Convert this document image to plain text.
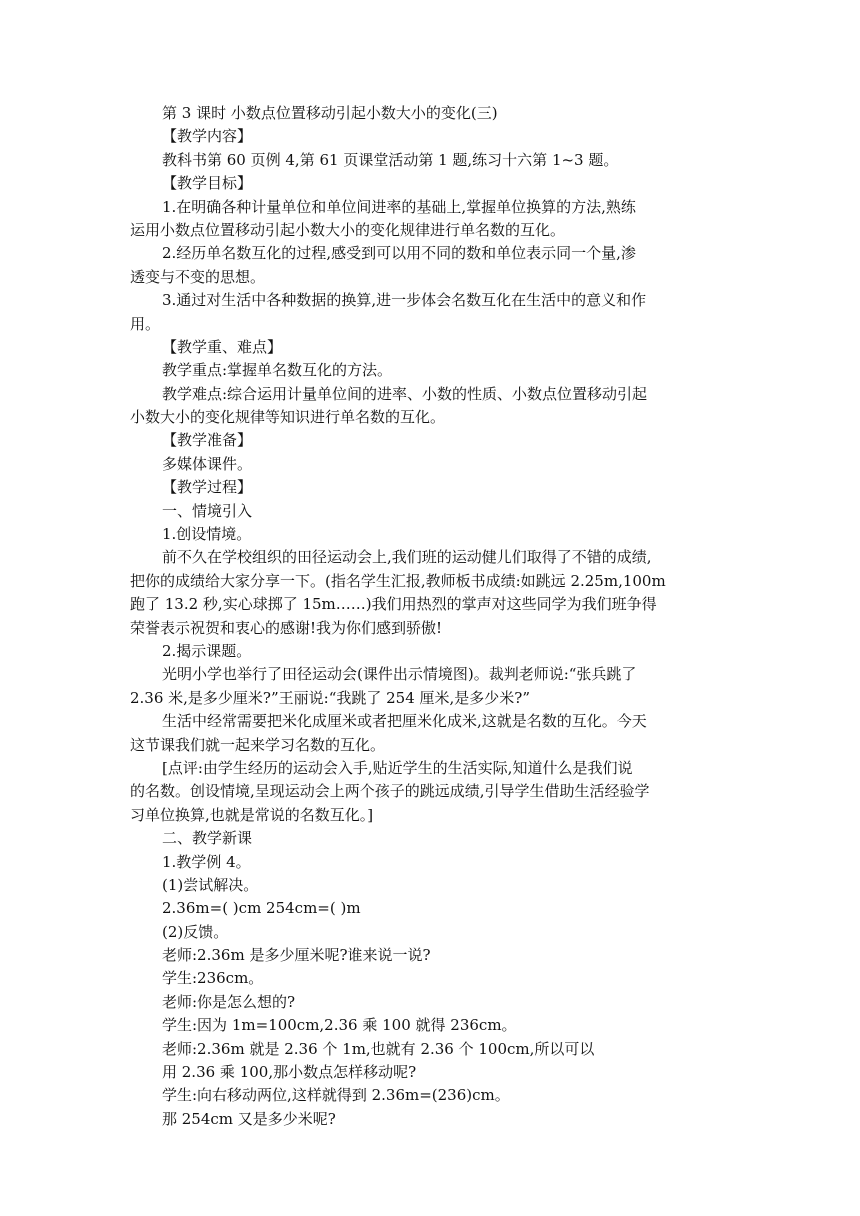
第 3 课时 小数点位置移动引起小数大小的变化(三)
【教学内容】
教科书第 60 页例 4,第 61 页课堂活动第 1 题,练习十六第 1~3 题。
【教学目标】
1.在明确各种计量单位和单位间进率的基础上,掌握单位换算的方法,熟练
运用小数点位置移动引起小数大小的变化规律进行单名数的互化。
2.经历单名数互化的过程,感受到可以用不同的数和单位表示同一个量,渗
透变与不变的思想。
3.通过对生活中各种数据的换算,进一步体会名数互化在生活中的意义和作
用。
【教学重、难点】
教学重点:掌握单名数互化的方法。
教学难点:综合运用计量单位间的进率、小数的性质、小数点位置移动引起
小数大小的变化规律等知识进行单名数的互化。
【教学准备】
多媒体课件。
【教学过程】
一、情境引入
1.创设情境。
前不久在学校组织的田径运动会上,我们班的运动健儿们取得了不错的成绩,
把你的成绩给大家分享一下。(指名学生汇报,教师板书成绩:如跳远 2.25m,100m
跑了 13.2 秒,实心球掷了 15m……)我们用热烈的掌声对这些同学为我们班争得
荣誉表示祝贺和衷心的感谢!我为你们感到骄傲!
2.揭示课题。
光明小学也举行了田径运动会(课件出示情境图)。裁判老师说:“张兵跳了
2.36 米,是多少厘米?”王丽说:“我跳了 254 厘米,是多少米?”
生活中经常需要把米化成厘米或者把厘米化成米,这就是名数的互化。今天
这节课我们就一起来学习名数的互化。
[点评:由学生经历的运动会入手,贴近学生的生活实际,知道什么是我们说
的名数。创设情境,呈现运动会上两个孩子的跳远成绩,引导学生借助生活经验学
习单位换算,也就是常说的名数互化。]
二、教学新课
1.教学例 4。
(1)尝试解决。
2.36m=( )cm 254cm=( )m
(2)反馈。
老师:2.36m 是多少厘米呢?谁来说一说?
学生:236cm。
老师:你是怎么想的?
学生:因为 1m=100cm,2.36 乘 100 就得 236cm。
老师:2.36m 就是 2.36 个 1m,也就有 2.36 个 100cm,所以可以
用 2.36 乘 100,那小数点怎样移动呢?
学生:向右移动两位,这样就得到 2.36m=(236)cm。
那 254cm 又是多少米呢?
